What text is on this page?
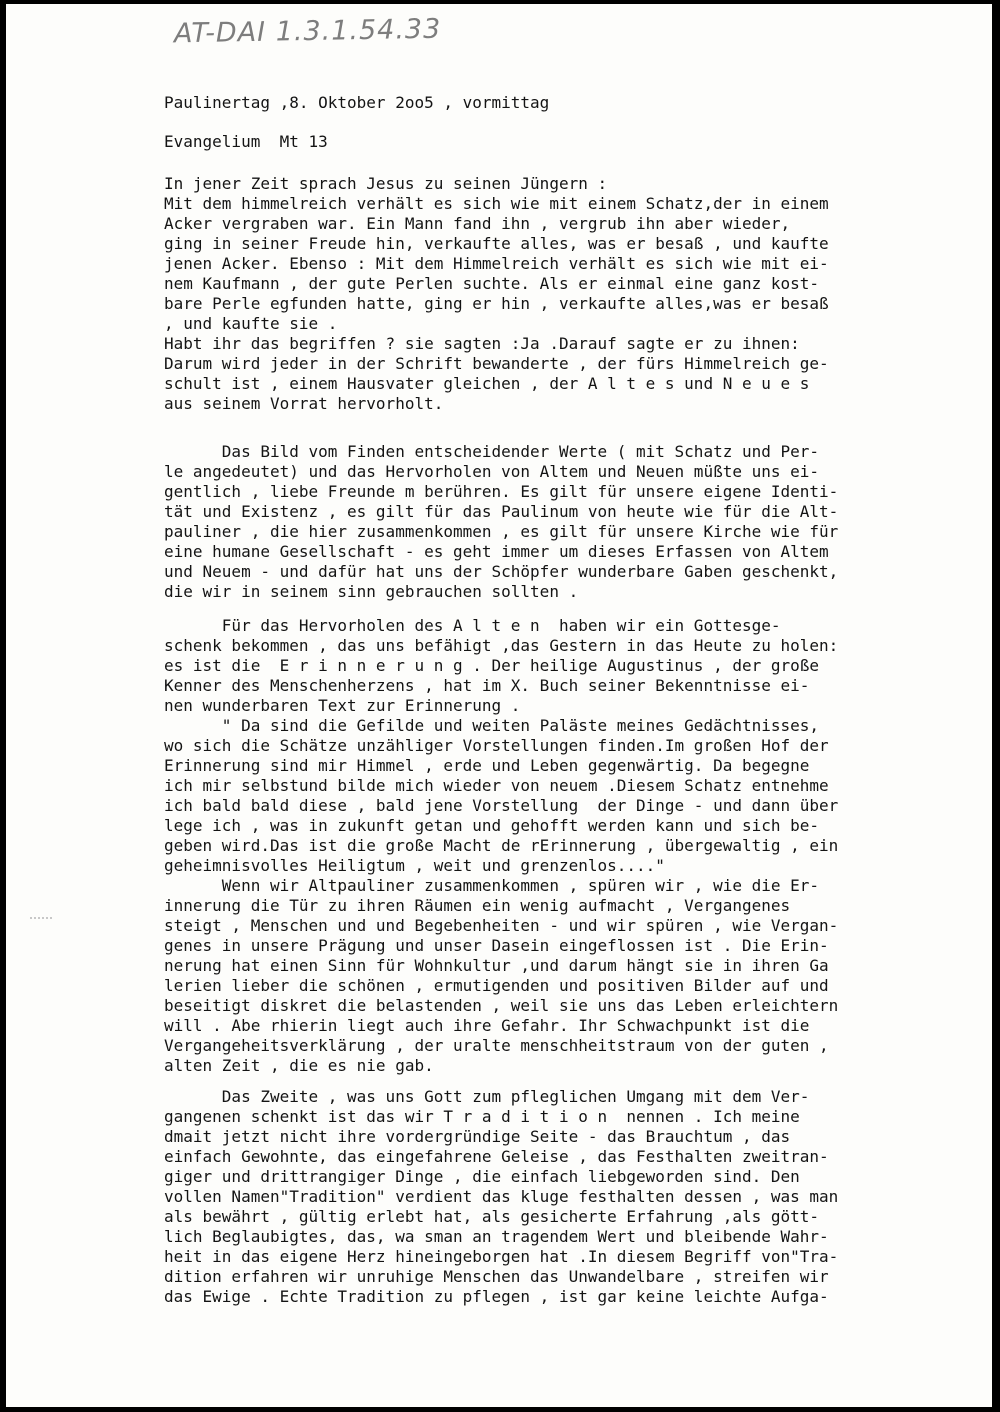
AT-DAI 1.3.1.54.33
Paulinertag ,8. Oktober 2oo5 , vormittag
Evangelium  Mt 13
In jener Zeit sprach Jesus zu seinen Jüngern :
Mit dem himmelreich verhält es sich wie mit einem Schatz,der in einem
Acker vergraben war. Ein Mann fand ihn , vergrub ihn aber wieder,
ging in seiner Freude hin, verkaufte alles, was er besaß , und kaufte
jenen Acker. Ebenso : Mit dem Himmelreich verhält es sich wie mit ei-
nem Kaufmann , der gute Perlen suchte. Als er einmal eine ganz kost-
bare Perle egfunden hatte, ging er hin , verkaufte alles,was er besaß
, und kaufte sie .
Habt ihr das begriffen ? sie sagten :Ja .Darauf sagte er zu ihnen:
Darum wird jeder in der Schrift bewanderte , der fürs Himmelreich ge-
schult ist , einem Hausvater gleichen , der A l t e s und N e u e s
aus seinem Vorrat hervorholt.
Das Bild vom Finden entscheidender Werte ( mit Schatz und Per-
le angedeutet) und das Hervorholen von Altem und Neuen müßte uns ei-
gentlich , liebe Freunde m berühren. Es gilt für unsere eigene Identi-
tät und Existenz , es gilt für das Paulinum von heute wie für die Alt-
pauliner , die hier zusammenkommen , es gilt für unsere Kirche wie für
eine humane Gesellschaft - es geht immer um dieses Erfassen von Altem
und Neuem - und dafür hat uns der Schöpfer wunderbare Gaben geschenkt,
die wir in seinem sinn gebrauchen sollten .
Für das Hervorholen des A l t e n  haben wir ein Gottesge-
schenk bekommen , das uns befähigt ,das Gestern in das Heute zu holen:
es ist die  E r i n n e r u n g . Der heilige Augustinus , der große
Kenner des Menschenherzens , hat im X. Buch seiner Bekenntnisse ei-
nen wunderbaren Text zur Erinnerung .
" Da sind die Gefilde und weiten Paläste meines Gedächtnisses,
wo sich die Schätze unzähliger Vorstellungen finden.Im großen Hof der
Erinnerung sind mir Himmel , erde und Leben gegenwärtig. Da begegne
ich mir selbstund bilde mich wieder von neuem .Diesem Schatz entnehme
ich bald bald diese , bald jene Vorstellung  der Dinge - und dann über
lege ich , was in zukunft getan und gehofft werden kann und sich be-
geben wird.Das ist die große Macht de rErinnerung , übergewaltig , ein
geheimnisvolles Heiligtum , weit und grenzenlos...."
Wenn wir Altpauliner zusammenkommen , spüren wir , wie die Er-
innerung die Tür zu ihren Räumen ein wenig aufmacht , Vergangenes
steigt , Menschen und und Begebenheiten - und wir spüren , wie Vergan-
genes in unsere Prägung und unser Dasein eingeflossen ist . Die Erin-
nerung hat einen Sinn für Wohnkultur ,und darum hängt sie in ihren Ga
lerien lieber die schönen , ermutigenden und positiven Bilder auf und
beseitigt diskret die belastenden , weil sie uns das Leben erleichtern
will . Abe rhierin liegt auch ihre Gefahr. Ihr Schwachpunkt ist die
Vergangeheitsverklärung , der uralte menschheitstraum von der guten ,
alten Zeit , die es nie gab.
Das Zweite , was uns Gott zum pfleglichen Umgang mit dem Ver-
gangenen schenkt ist das wir T r a d i t i o n  nennen . Ich meine
dmait jetzt nicht ihre vordergründige Seite - das Brauchtum , das
einfach Gewohnte, das eingefahrene Geleise , das Festhalten zweitran-
giger und drittrangiger Dinge , die einfach liebgeworden sind. Den
vollen Namen"Tradition" verdient das kluge festhalten dessen , was man
als bewährt , gültig erlebt hat, als gesicherte Erfahrung ,als gött-
lich Beglaubigtes, das, wa sman an tragendem Wert und bleibende Wahr-
heit in das eigene Herz hineingeborgen hat .In diesem Begriff von"Tra-
dition erfahren wir unruhige Menschen das Unwandelbare , streifen wir
das Ewige . Echte Tradition zu pflegen , ist gar keine leichte Aufga-
